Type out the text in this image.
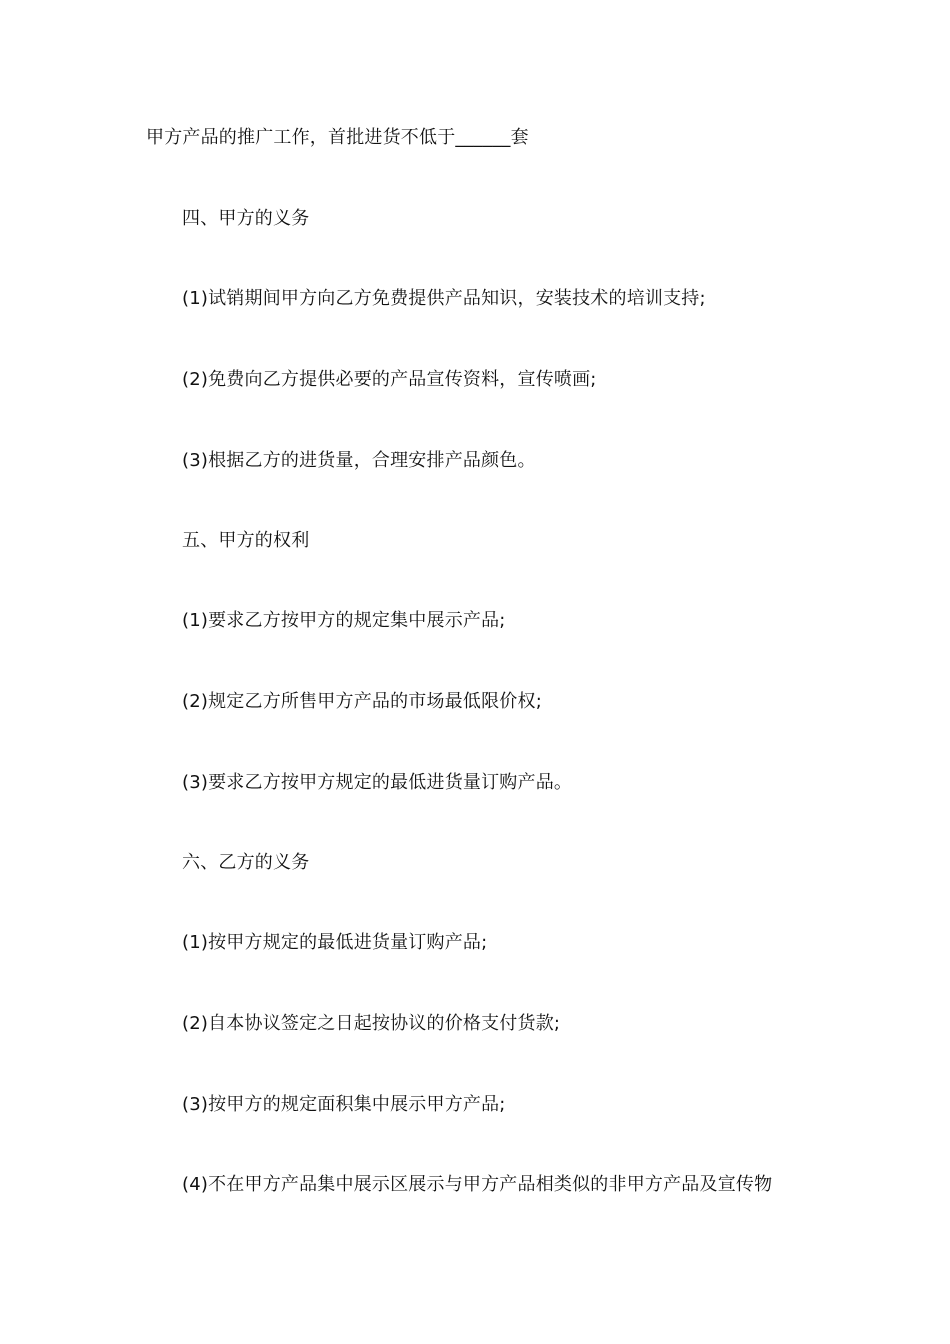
甲方产品的推广工作，首批进货不低于______套
四、甲方的义务
(1)试销期间甲方向乙方免费提供产品知识，安装技术的培训支持;
(2)免费向乙方提供必要的产品宣传资料，宣传喷画;
(3)根据乙方的进货量，合理安排产品颜色。
五、甲方的权利
(1)要求乙方按甲方的规定集中展示产品;
(2)规定乙方所售甲方产品的市场最低限价权;
(3)要求乙方按甲方规定的最低进货量订购产品。
六、乙方的义务
(1)按甲方规定的最低进货量订购产品;
(2)自本协议签定之日起按协议的价格支付货款;
(3)按甲方的规定面积集中展示甲方产品;
(4)不在甲方产品集中展示区展示与甲方产品相类似的非甲方产品及宣传物
